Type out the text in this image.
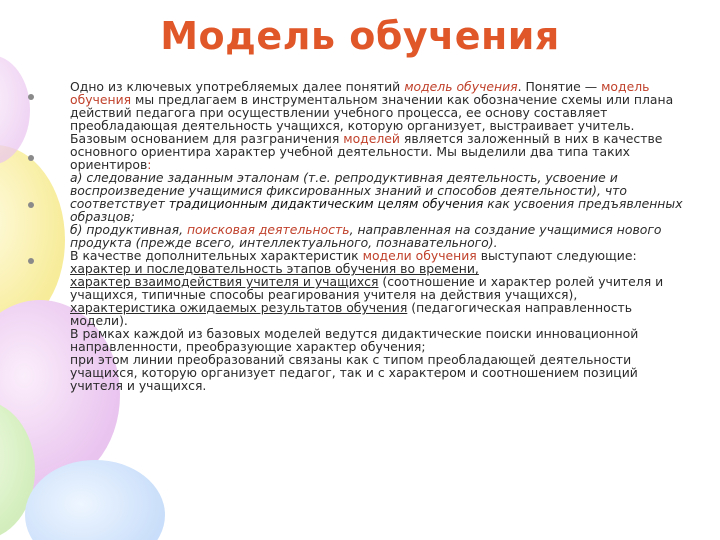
Модель обучения

Одно из ключевых употребляемых далее понятий модель обучения. Понятие — модель обучения мы предлагаем в инструментальном значении как обозначение схемы или плана действий педагога при осуществлении учебного процесса, ее основу составляет преобладающая деятельность учащихся, которую организует, выстраивает учитель.

Базовым основанием для разграничения моделей является заложенный в них в качестве основного ориентира характер учебной деятельности. Мы выделили два типа таких ориентиров:

а) следование заданным эталонам (т.е. репродуктивная деятельность, усвоение и воспроизведение учащимися фиксированных знаний и способов деятельности), что соответствует традиционным дидактическим целям обучения как усвоения предъявленных образцов;

б) продуктивная, поисковая деятельность, направленная на создание учащимися нового продукта (прежде всего, интеллектуального, познавательного).

В качестве дополнительных характеристик модели обучения выступают следующие:

характер и последовательность этапов обучения во времени,

характер взаимодействия учителя и учащихся (соотношение и характер ролей учителя и учащихся, типичные способы реагирования учителя на действия учащихся),

характеристика ожидаемых результатов обучения (педагогическая направленность модели).

В рамках каждой из базовых моделей ведутся дидактические поиски инновационной направленности, преобразующие характер обучения;

при этом линии преобразований связаны как с типом преобладающей деятельности учащихся, которую организует педагог, так и с характером и соотношением позиций учителя и учащихся.
